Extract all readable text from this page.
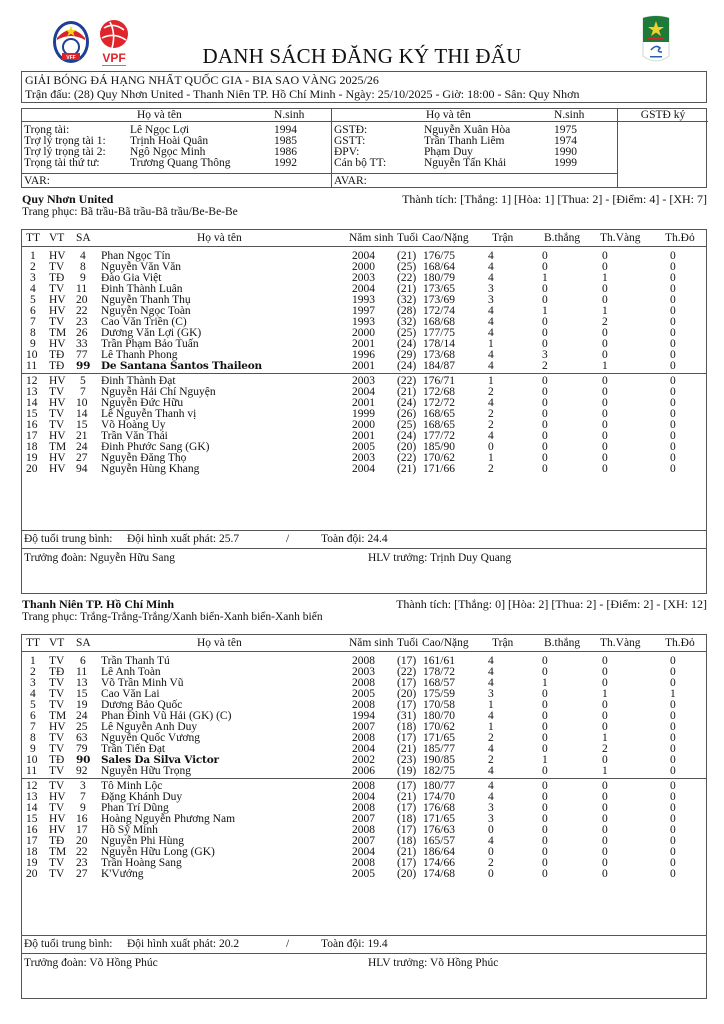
VFF VPF	DANH SÁCH ĐĂNG KÝ THI ĐẤU
GIẢI BÓNG ĐÁ HẠNG NHẤT QUỐC GIA - BIA SAO VÀNG 2025/26
Trận đấu: (28) Quy Nhơn United - Thanh Niên TP. Hồ Chí Minh - Ngày: 25/10/2025 - Giờ: 18:00 - Sân: Quy Nhơn
Họ và tên	N.sinh
Trọng tài:	Lê Ngọc Lợi	1994
Trợ lý trọng tài 1: Trịnh Hoài Quân	1985
Trợ lý trọng tài 2: Ngô Ngọc Minh	1986
Trọng tài thứ tư:	Trương Quang Thông	1992
VAR:
Họ và tên	N.sinh
GSTĐ:	Nguyễn Xuân Hòa	1975
GSTT:	Trần Thanh Liêm	1974
ĐPV:	Phạm Duy	1990
Cán bộ TT:	Nguyễn Tấn Khải	1999
AVAR:
GSTĐ ký
Quy Nhơn United	Thành tích: [Thắng: 1] [Hòa: 1] [Thua: 2] - [Điểm: 4] - [XH: 7]
Trang phục: Bã trầu-Bã trầu-Bã trầu/Be-Be-Be
TT VT SA	Họ và tên	Năm sinh Tuổi Cao/Nặng Trận	B.thắng Th.Vàng Th.Đỏ
1 HV 4 Phan Ngọc Tín	2004 (21) 176/75	4	0	0	0
2 TV 8 Nguyễn Văn Văn	2000 (25) 168/64	4	0	0	0
3 TĐ 9 Đào Gia Việt	2003 (22) 180/79	4	1	1	0
4 TV 11 Đinh Thành Luân	2004 (21) 173/65	3	0	0	0
5 HV 20 Nguyễn Thanh Thụ	1993 (32) 173/69	3	0	0	0
6 HV 22 Nguyễn Ngọc Toàn	1997 (28) 172/74	4	1	1	0
7 TV 23 Cao Văn Triền (C)	1993 (32) 168/68	4	0	2	0
8 TM 26 Dương Văn Lợi (GK)	2000 (25) 177/75	4	0	0	0
9 HV 33 Trần Phạm Bảo Tuấn	2001 (24) 178/14	1	0	0	0
10 TĐ 77 Lê Thanh Phong	1996 (29) 173/68	4	3	0	0
11 TĐ 99 De Santana Santos Thaileon	2001 (24) 184/87	4	2	1	0
12 HV 5 Đinh Thành Đạt	2003 (22) 176/71	1	0	0	0
13 TV 7 Nguyễn Hải Chí Nguyện	2004 (21) 172/68	2	0	0	0
14 HV 10 Nguyễn Đức Hữu	2001 (24) 172/72	4	0	0	0
15 TV 14 Lê Nguyễn Thanh vị	1999 (26) 168/65	2	0	0	0
16 TV 15 Võ Hoàng Uy	2000 (25) 168/65	2	0	0	0
17 HV 21 Trần Văn Thái	2001 (24) 177/72	4	0	0	0
18 TM 24 Đinh Phước Sang (GK)	2005 (20) 185/90	0	0	0	0
19 HV 27 Nguyễn Đăng Thọ	2003 (22) 170/62	1	0	0	0
20 HV 94 Nguyễn Hùng Khang	2004 (21) 171/66	2	0	0	0
Độ tuổi trung bình: Đội hình xuất phát: 25.7	/	Toàn đội: 24.4
Trưởng đoàn: Nguyễn Hữu Sang	HLV trưởng: Trịnh Duy Quang
Thanh Niên TP. Hồ Chí Minh	Thành tích: [Thắng: 0] [Hòa: 2] [Thua: 2] - [Điểm: 2] - [XH: 12]
Trang phục: Trắng-Trắng-Trắng/Xanh biển-Xanh biển-Xanh biển
TT VT SA	Họ và tên	Năm sinh Tuổi Cao/Nặng Trận	B.thắng Th.Vàng Th.Đỏ
1 TV 6 Trần Thanh Tú	2008 (17) 161/61	4	0	0	0
2 TĐ 11 Lê Anh Toàn	2003 (22) 178/72	4	0	0	0
3 TV 13 Võ Trần Minh Vũ	2008 (17) 168/57	4	1	0	0
4 TV 15 Cao Văn Lai	2005 (20) 175/59	3	0	1	1
5 TV 19 Dương Bảo Quốc	2008 (17) 170/58	1	0	0	0
6 TM 24 Phan Đình Vũ Hải (GK) (C)	1994 (31) 180/70	4	0	0	0
7 HV 25 Lê Nguyễn Anh Duy	2007 (18) 170/62	1	0	0	0
8 TV 63 Nguyễn Quốc Vương	2008 (17) 171/65	2	0	1	0
9 TV 79 Trần Tiến Đạt	2004 (21) 185/77	4	0	2	0
10 TĐ 90 Sales Da Silva Victor	2002 (23) 190/85	2	1	0	0
11 TV 92 Nguyễn Hữu Trọng	2006 (19) 182/75	4	0	1	0
12 TV 3 Tô Minh Lộc	2008 (17) 180/77	4	0	0	0
13 HV 7 Đặng Khánh Duy	2004 (21) 174/70	4	0	0	0
14 TV 9 Phan Trí Dũng	2008 (17) 176/68	3	0	0	0
15 HV 16 Hoàng Nguyễn Phương Nam	2007 (18) 171/65	3	0	0	0
16 HV 17 Hồ Sỹ Minh	2008 (17) 176/63	0	0	0	0
17 TĐ 20 Nguyễn Phi Hùng	2007 (18) 165/57	4	0	0	0
18 TM 22 Nguyễn Hữu Long (GK)	2004 (21) 186/64	0	0	0	0
19 TV 23 Trần Hoàng Sang	2008 (17) 174/66	2	0	0	0
20 TV 27 K'Vướng	2005 (20) 174/68	0	0	0	0
Độ tuổi trung bình: Đội hình xuất phát: 20.2	/	Toàn đội: 19.4
Trưởng đoàn: Võ Hồng Phúc	HLV trưởng: Võ Hồng Phúc
